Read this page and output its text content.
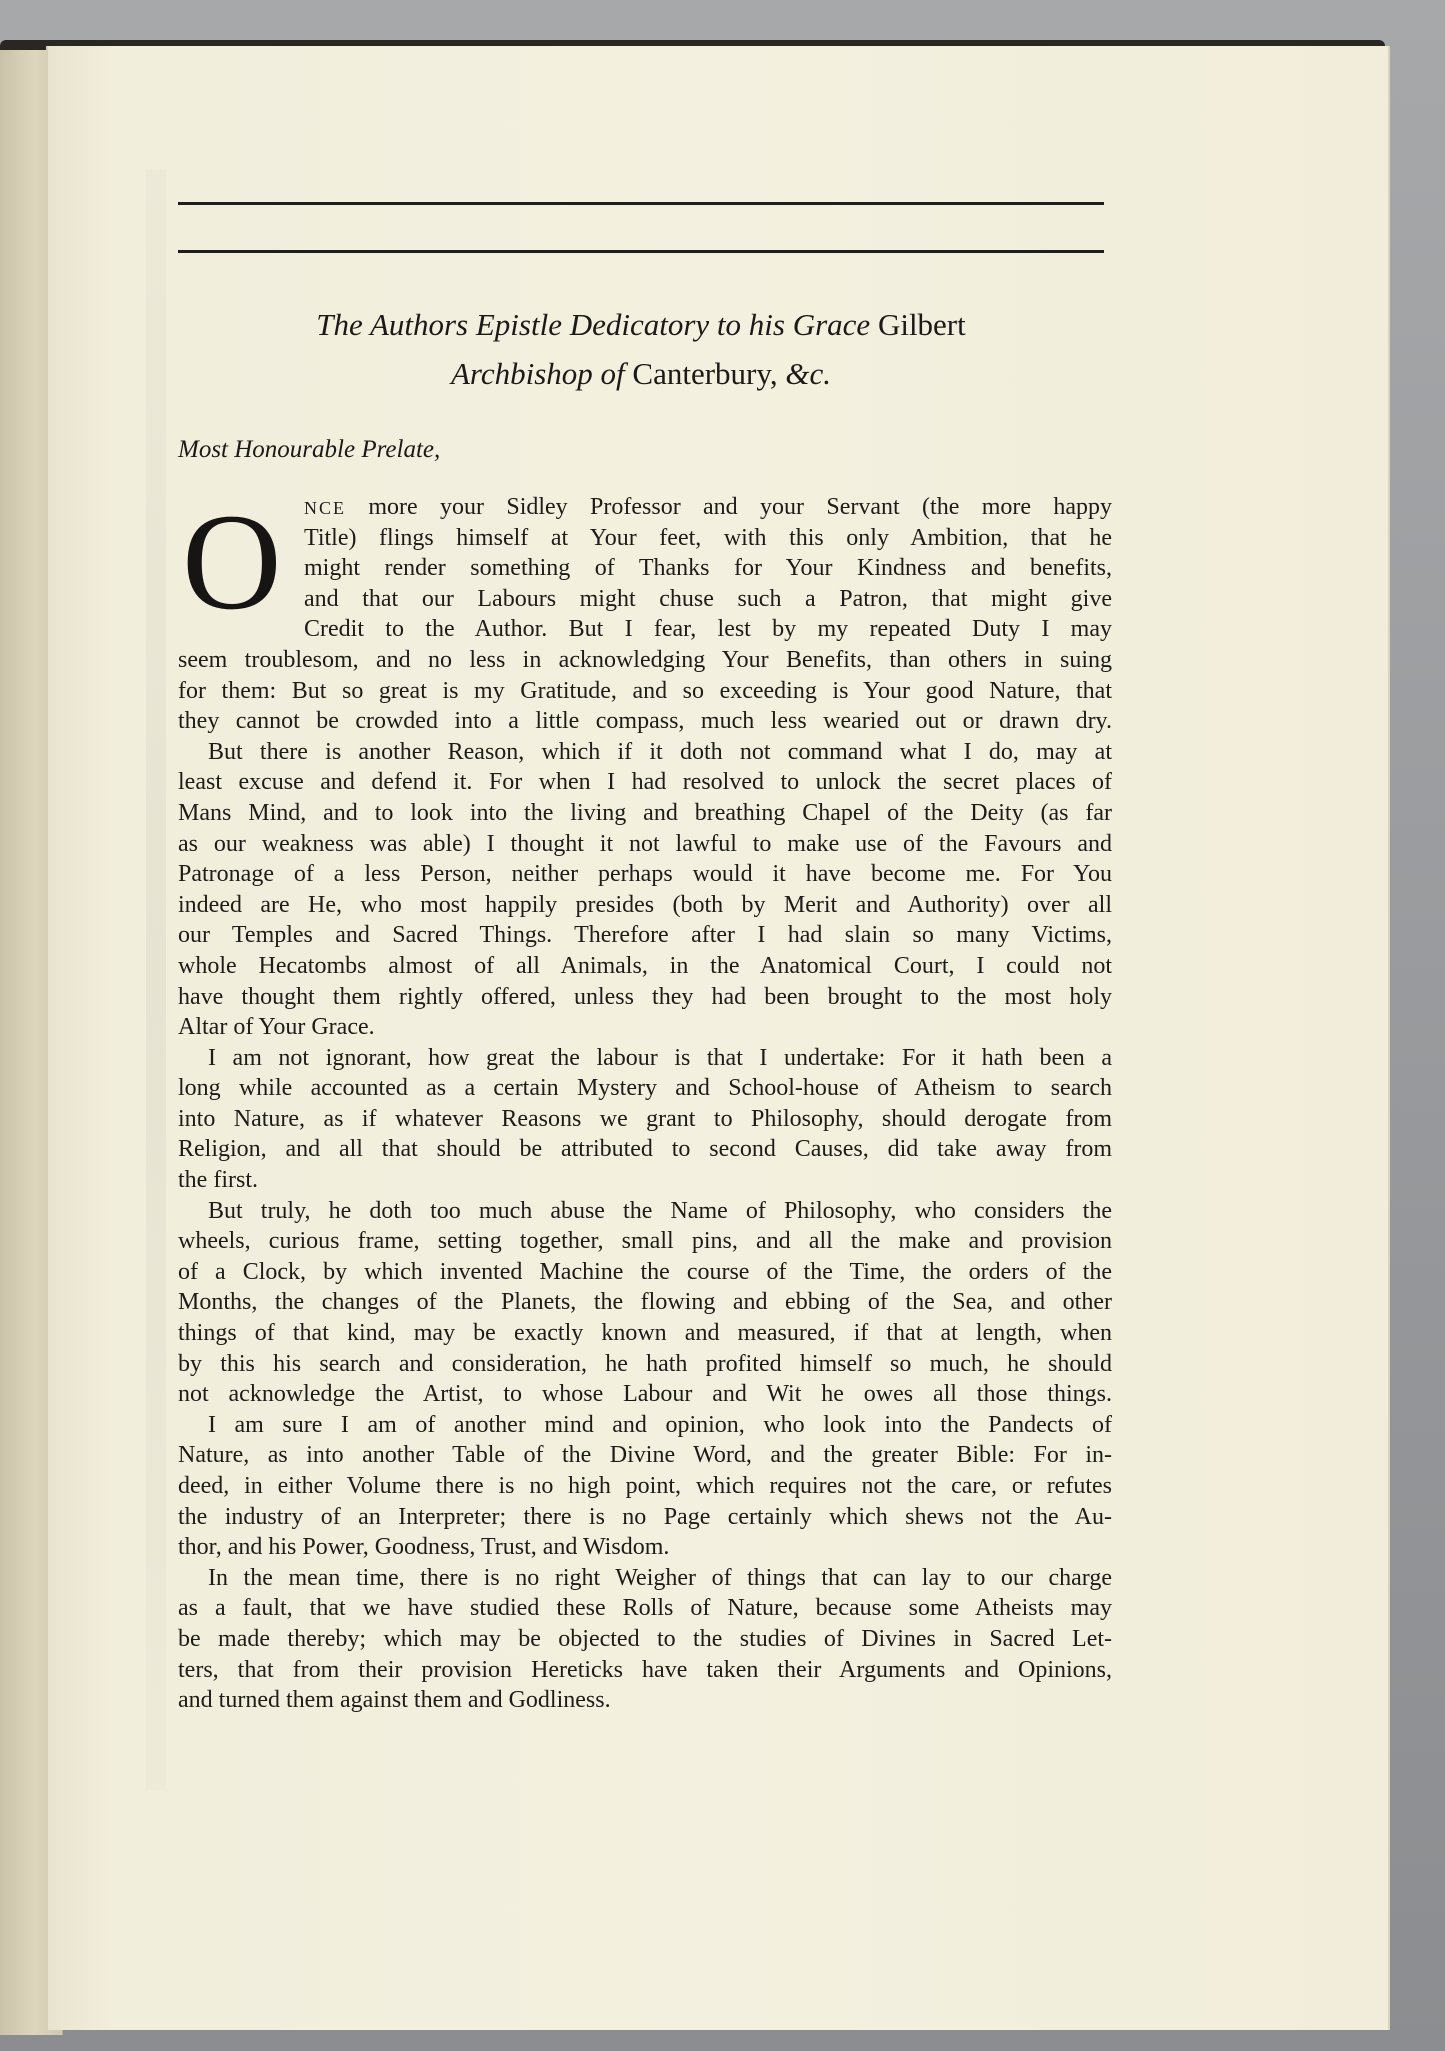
The Authors Epistle Dedicatory to his Grace Gilbert
Archbishop of Canterbury, &c.
Most Honourable Prelate,
O NCE more your Sidley Professor and your Servant (the more happy
Title) flings himself at Your feet, with this only Ambition, that he
might render something of Thanks for Your Kindness and benefits,
and that our Labours might chuse such a Patron, that might give
Credit to the Author. But I fear, lest by my repeated Duty I may
seem troublesom, and no less in acknowledging Your Benefits, than others in suing
for them: But so great is my Gratitude, and so exceeding is Your good Nature, that
they cannot be crowded into a little compass, much less wearied out or drawn dry.
But there is another Reason, which if it doth not command what I do, may at
least excuse and defend it. For when I had resolved to unlock the secret places of
Mans Mind, and to look into the living and breathing Chapel of the Deity (as far
as our weakness was able) I thought it not lawful to make use of the Favours and
Patronage of a less Person, neither perhaps would it have become me. For You
indeed are He, who most happily presides (both by Merit and Authority) over all
our Temples and Sacred Things. Therefore after I had slain so many Victims,
whole Hecatombs almost of all Animals, in the Anatomical Court, I could not
have thought them rightly offered, unless they had been brought to the most holy
Altar of Your Grace.
I am not ignorant, how great the labour is that I undertake: For it hath been a
long while accounted as a certain Mystery and School-house of Atheism to search
into Nature, as if whatever Reasons we grant to Philosophy, should derogate from
Religion, and all that should be attributed to second Causes, did take away from
the first.
But truly, he doth too much abuse the Name of Philosophy, who considers the
wheels, curious frame, setting together, small pins, and all the make and provision
of a Clock, by which invented Machine the course of the Time, the orders of the
Months, the changes of the Planets, the flowing and ebbing of the Sea, and other
things of that kind, may be exactly known and measured, if that at length, when
by this his search and consideration, he hath profited himself so much, he should
not acknowledge the Artist, to whose Labour and Wit he owes all those things.
I am sure I am of another mind and opinion, who look into the Pandects of
Nature, as into another Table of the Divine Word, and the greater Bible: For in-
deed, in either Volume there is no high point, which requires not the care, or refutes
the industry of an Interpreter; there is no Page certainly which shews not the Au-
thor, and his Power, Goodness, Trust, and Wisdom.
In the mean time, there is no right Weigher of things that can lay to our charge
as a fault, that we have studied these Rolls of Nature, because some Atheists may
be made thereby; which may be objected to the studies of Divines in Sacred Let-
ters, that from their provision Hereticks have taken their Arguments and Opinions,
and turned them against them and Godliness.
